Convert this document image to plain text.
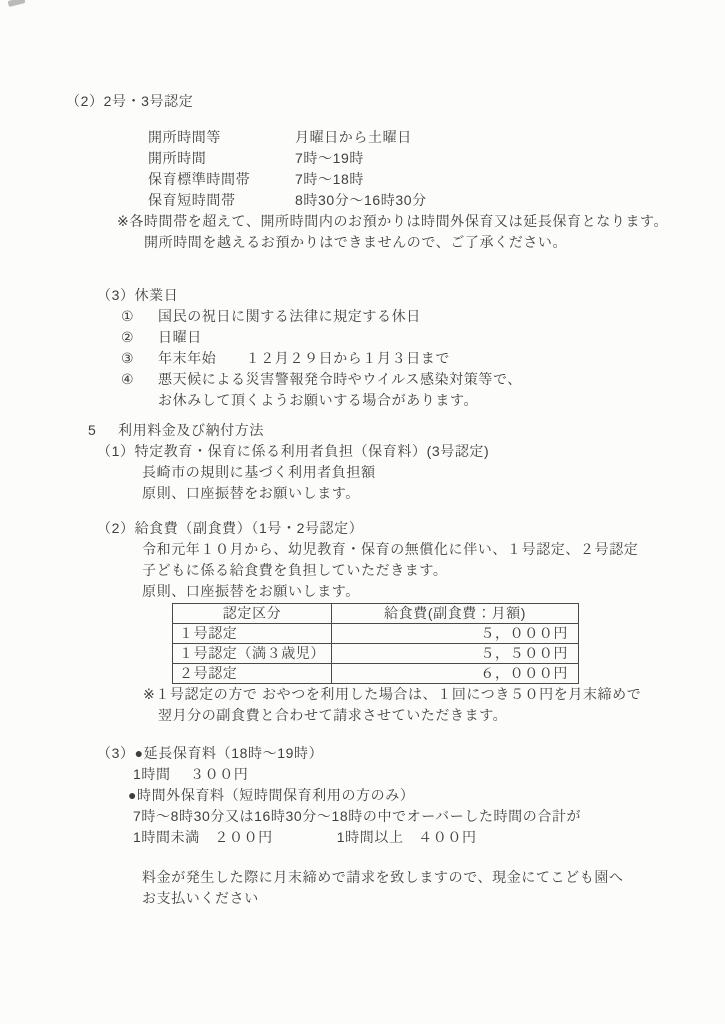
（2）2号・3号認定
開所時間等	月曜日から土曜日
開所時間	7時～19時
保育標準時間帯	7時～18時
保育短時間帯	8時30分～16時30分
※各時間帯を超えて、開所時間内のお預かりは時間外保育又は延長保育となります。
開所時間を越えるお預かりはできませんので、ご了承ください。
（3）休業日
①	国民の祝日に関する法律に規定する休日
②	日曜日
③	年末年始　　１２月２９日から１月３日まで
④	悪天候による災害警報発令時やウイルス感染対策等で、
お休みして頂くようお願いする場合があります。
5	利用料金及び納付方法
（1）特定教育・保育に係る利用者負担（保育料）(3号認定)
長崎市の規則に基づく利用者負担額
原則、口座振替をお願いします。
（2）給食費（副食費）（1号・2号認定）
令和元年１０月から、幼児教育・保育の無償化に伴い、１号認定、２号認定
子どもに係る給食費を負担していただきます。
原則、口座振替をお願いします。
認定区分	給食費(副食費：月額)
１号認定	５，０００円
１号認定（満３歳児）	５，５００円
２号認定	６，０００円
※１号認定の方で おやつを利用した場合は、１回につき５０円を月末締めで
翌月分の副食費と合わせて請求させていただきます。
（3） ●延長保育料（18時～19時）
1時間	３００円
●時間外保育料（短時間保育利用の方のみ）
7時～8時30分又は16時30分～18時の中でオーバーした時間の合計が
1時間未満　２００円	1時間以上　４００円
料金が発生した際に月末締めで請求を致しますので、現金にてこども園へ
お支払いください
